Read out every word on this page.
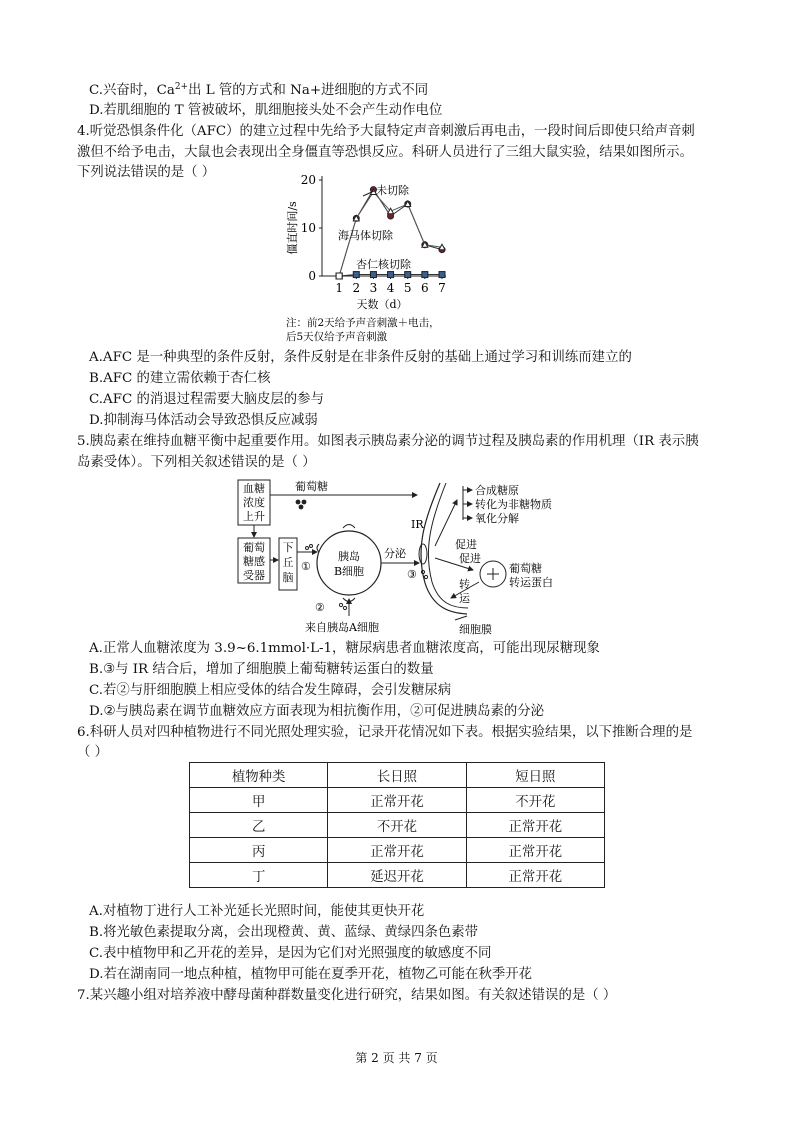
C.兴奋时，$Ca^{2+}$出 L 管的方式和 Na+进细胞的方式不同
D.若肌细胞的 T 管被破坏，肌细胞接头处不会产生动作电位
4.听觉恐惧条件化（AFC）的建立过程中先给予大鼠特定声音刺激后再电击，一段时间后即使只给声音刺
激但不给予电击，大鼠也会表现出全身僵直等恐惧反应。科研人员进行了三组大鼠实验，结果如图所示。
下列说法错误的是（ ）
0
10
20
1 2 3 4 5 6 7
僵直时间/s
天数（d）
未切除
海马体切除
杏仁核切除
注：前2天给予声音刺激＋电击，
后5天仅给予声音刺激
A.AFC 是一种典型的条件反射，条件反射是在非条件反射的基础上通过学习和训练而建立的
B.AFC 的建立需依赖于杏仁核
C.AFC 的消退过程需要大脑皮层的参与
D.抑制海马体活动会导致恐惧反应减弱
5.胰岛素在维持血糖平衡中起重要作用。如图表示胰岛素分泌的调节过程及胰岛素的作用机理（IR 表示胰
岛素受体）。下列相关叙述错误的是（ ）
血糖
浓度
上升
葡萄
糖感
受器
下
丘
脑
葡萄糖
①
胰岛
B细胞
②
来自胰岛A细胞
分泌
③
IR
促进
促进
合成糖原
转化为非糖物质
氧化分解
葡萄糖
转运蛋白
转
运
细胞膜
A.正常人血糖浓度为 3.9~6.1mmol·L-1，糖尿病患者血糖浓度高，可能出现尿糖现象
B.③与 IR 结合后，增加了细胞膜上葡萄糖转运蛋白的数量
C.若②与肝细胞膜上相应受体的结合发生障碍，会引发糖尿病
D.②与胰岛素在调节血糖效应方面表现为相抗衡作用，②可促进胰岛素的分泌
6.科研人员对四种植物进行不同光照处理实验，记录开花情况如下表。根据实验结果，以下推断合理的是
（ ）
植物种类	长日照	短日照
甲	正常开花	不开花
乙	不开花	正常开花
丙	正常开花	正常开花
丁	延迟开花	正常开花
A.对植物丁进行人工补光延长光照时间，能使其更快开花
B.将光敏色素提取分离，会出现橙黄、黄、蓝绿、黄绿四条色素带
C.表中植物甲和乙开花的差异，是因为它们对光照强度的敏感度不同
D.若在湖南同一地点种植，植物甲可能在夏季开花，植物乙可能在秋季开花
7.某兴趣小组对培养液中酵母菌种群数量变化进行研究，结果如图。有关叙述错误的是（ ）
第 2 页 共 7 页
